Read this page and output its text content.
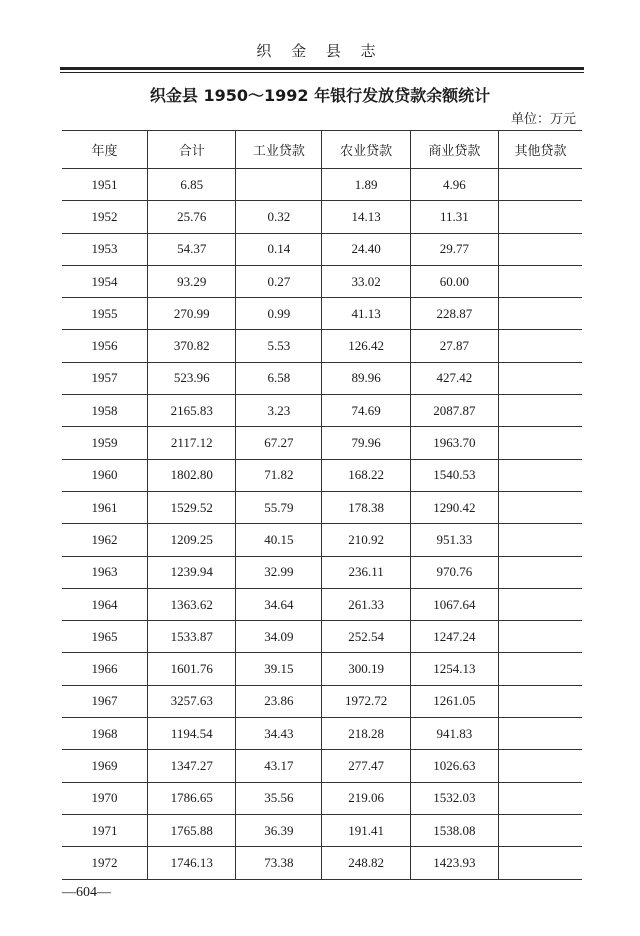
织 金 县 志
织金县 1950～1992 年银行发放贷款余额统计
单位：万元
年度	合计	工业贷款	农业贷款	商业贷款	其他贷款
1951	6.85		1.89	4.96	
1952	25.76	0.32	14.13	11.31	
1953	54.37	0.14	24.40	29.77	
1954	93.29	0.27	33.02	60.00	
1955	270.99	0.99	41.13	228.87	
1956	370.82	5.53	126.42	27.87	
1957	523.96	6.58	89.96	427.42	
1958	2165.83	3.23	74.69	2087.87	
1959	2117.12	67.27	79.96	1963.70	
1960	1802.80	71.82	168.22	1540.53	
1961	1529.52	55.79	178.38	1290.42	
1962	1209.25	40.15	210.92	951.33	
1963	1239.94	32.99	236.11	970.76	
1964	1363.62	34.64	261.33	1067.64	
1965	1533.87	34.09	252.54	1247.24	
1966	1601.76	39.15	300.19	1254.13	
1967	3257.63	23.86	1972.72	1261.05	
1968	1194.54	34.43	218.28	941.83	
1969	1347.27	43.17	277.47	1026.63	
1970	1786.65	35.56	219.06	1532.03	
1971	1765.88	36.39	191.41	1538.08	
1972	1746.13	73.38	248.82	1423.93	
—604—
